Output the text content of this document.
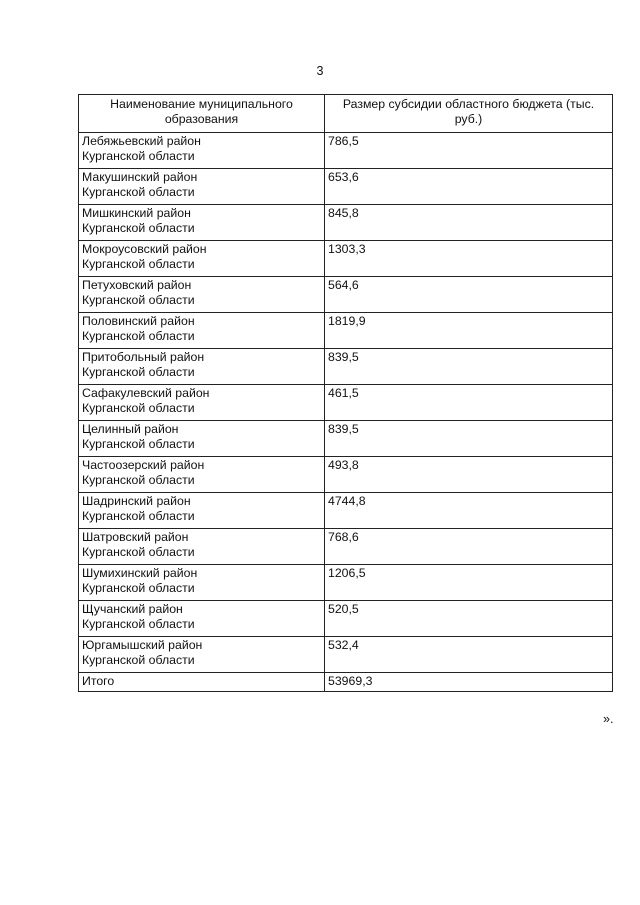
3
Наименование муниципального образования	Размер субсидии областного бюджета (тыс. руб.)

Лебяжьевский район
Курганской области	786,5

Макушинский район
Курганской области	653,6

Мишкинский район
Курганской области	845,8

Мокроусовский район
Курганской области	1303,3

Петуховский район
Курганской области	564,6

Половинский район
Курганской области	1819,9

Притобольный район
Курганской области	839,5

Сафакулевский район
Курганской области	461,5

Целинный район
Курганской области	839,5

Частоозерский район
Курганской области	493,8

Шадринский район
Курганской области	4744,8

Шатровский район
Курганской области	768,6

Шумихинский район
Курганской области	1206,5

Щучанский район
Курганской области	520,5

Юргамышский район
Курганской области	532,4
Итого	53969,3
».
